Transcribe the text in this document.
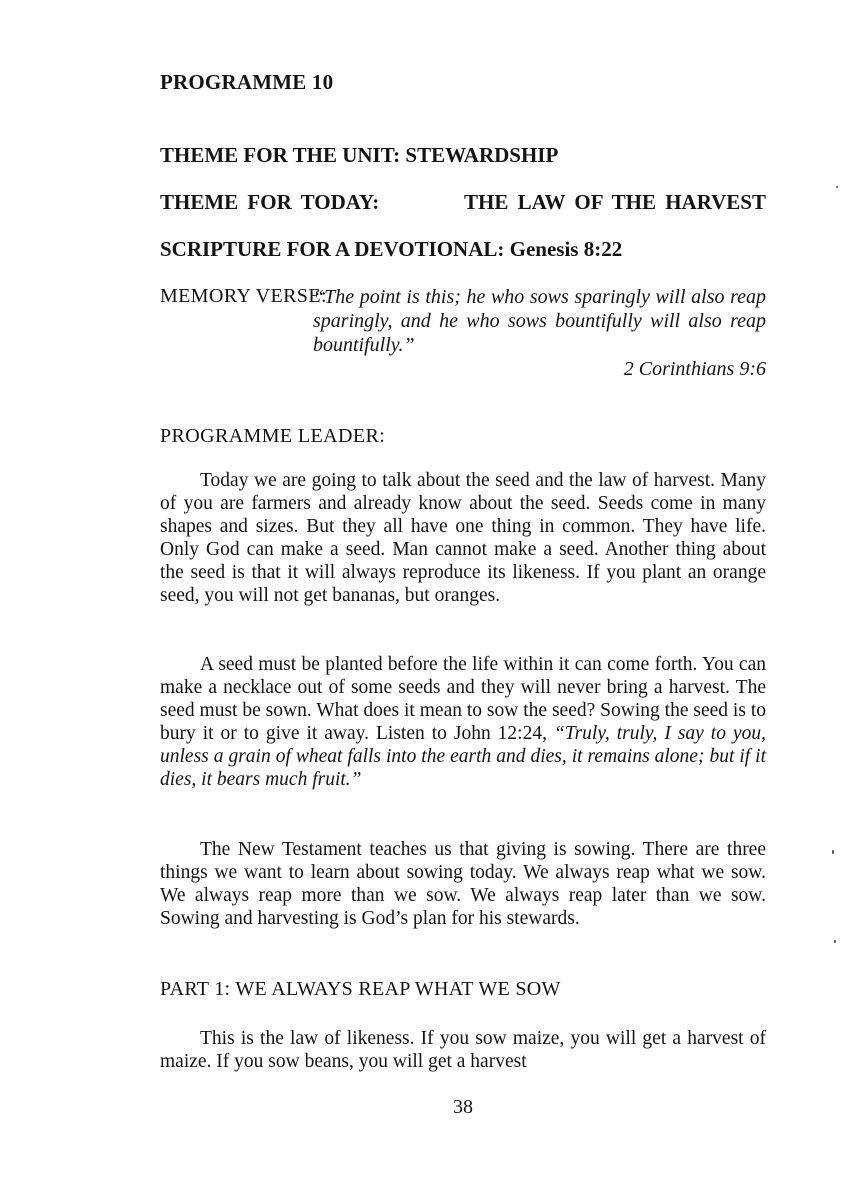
PROGRAMME 10
THEME FOR THE UNIT: STEWARDSHIP
THEME FOR TODAY:	THE LAW OF THE HARVEST
SCRIPTURE FOR A DEVOTIONAL: Genesis 8:22
MEMORY VERSE:
“The point is this; he who sows sparingly will also reap sparingly, and he who sows bountifully will also reap bountifully.”
2 Corinthians 9:6
PROGRAMME LEADER:

Today we are going to talk about the seed and the law of harvest. Many of you are farmers and already know about the seed. Seeds come in many shapes and sizes. But they all have one thing in common. They have life. Only God can make a seed. Man cannot make a seed. Another thing about the seed is that it will always reproduce its likeness. If you plant an orange seed, you will not get bananas, but oranges.

A seed must be planted before the life within it can come forth. You can make a necklace out of some seeds and they will never bring a harvest. The seed must be sown. What does it mean to sow the seed? Sowing the seed is to bury it or to give it away. Listen to John 12:24, “Truly, truly, I say to you, unless a grain of wheat falls into the earth and dies, it remains alone; but if it dies, it bears much fruit.”

The New Testament teaches us that giving is sowing. There are three things we want to learn about sowing today. We always reap what we sow. We always reap more than we sow. We always reap later than we sow. Sowing and harvesting is God’s plan for his stewards.

PART 1: WE ALWAYS REAP WHAT WE SOW

This is the law of likeness. If you sow maize, you will get a harvest of maize. If you sow beans, you will get a harvest

38
